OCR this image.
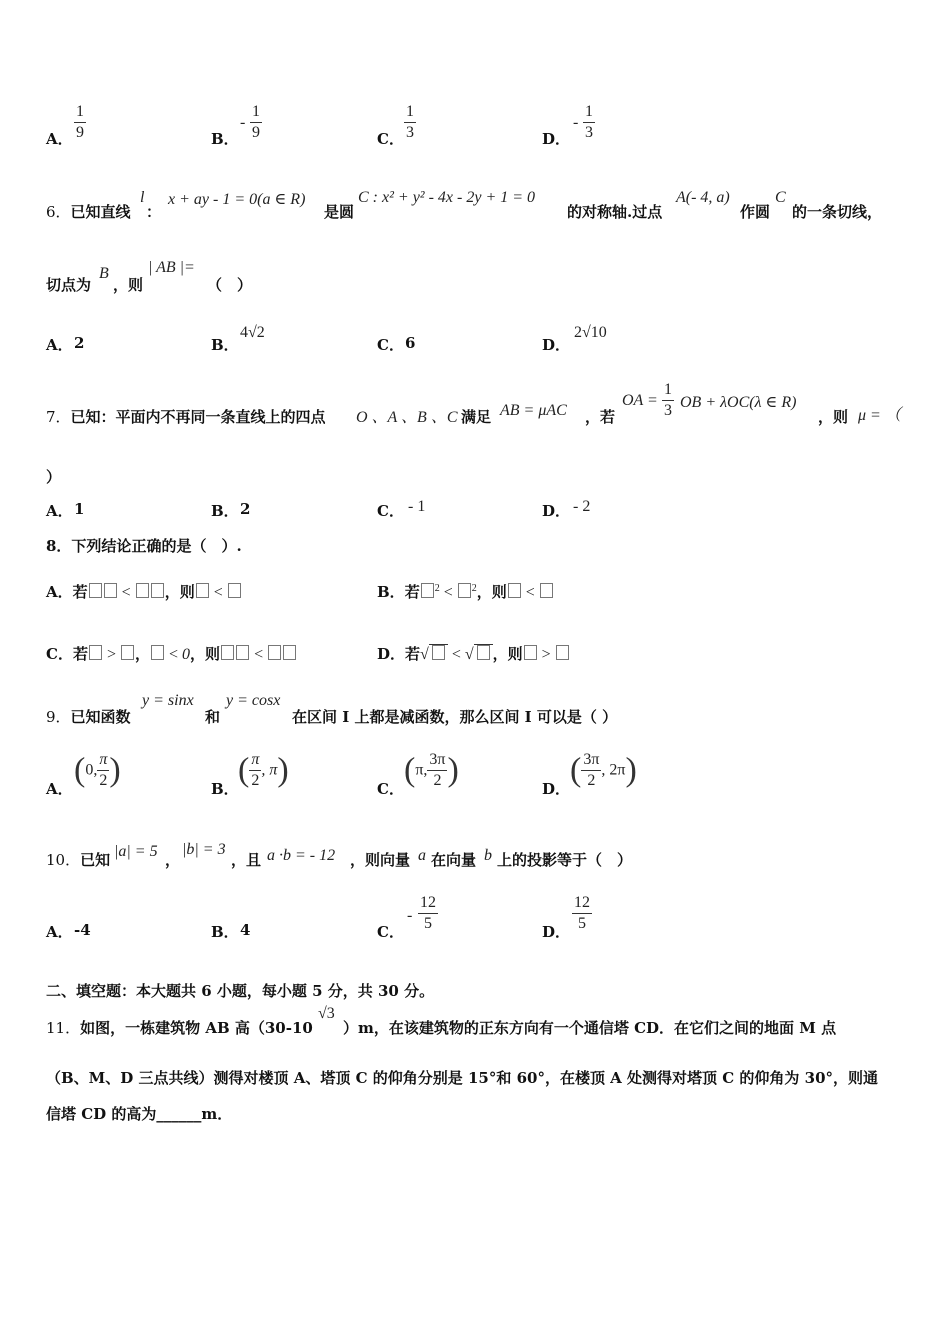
A． $\frac{1}{9}$	B．
- $\frac{1}{9}$	C． $\frac{1}{3}$	D．
- $\frac{1}{3}$
6．已知直线
l
：
x + ay - 1 = 0(a ∈ R)
是圆
C : x² + y² - 4x - 2y + 1 = 0
的对称轴.过点
A(- 4, a)
作圆
C
的一条切线，
切点为
B
，则
| AB |=
（　）
A． 2	B．
4√2
C． 6	D．
2√10
7．已知：平面内不再同一条直线上的四点 O 、A 、B 、C 满足 AB = μAC ，若
OA = $\frac{1}{3}$ OB + λOC(λ ∈ R)
，则 μ = （
）
A． 1	B． 2	C． - 1	D． - 2
8．下列结论正确的是（　）.
A．若 < ，则 <	B．若 $^2$ < $^2$，则 <
C．若 > ， < 0，则 <	D．若√ < √ ，则 >
9．已知函数
y = sinx
和
y = cosx
在区间 I 上都是减函数，那么区间 I 可以是（ ）
A．
(0, $\frac{\pi}{2}$ )
B．
( $\frac{\pi}{2}$ , π)
C．
(π, $\frac{3\pi}{2}$ )
D．
( $\frac{3\pi}{2}$ , 2π)
10．已知 |a| = 5 ，
|b| = 3
，且 a ·b = - 12 ，则向量 a 在向量 b 上的投影等于（　）
A． -4	B． 4	C．
- $\frac{12}{5}$	D． $\frac{12}{5}$
二、填空题：本大题共 6 小题，每小题 5 分，共 30 分。
11．如图，一栋建筑物 AB 高（30-10
√3
）m，在该建筑物的正东方向有一个通信塔 CD．在它们之间的地面 M 点
（B、M、D 三点共线）测得对楼顶 A、塔顶 C 的仰角分别是 15°和 60°，在楼顶 A 处测得对塔顶 C 的仰角为 30°，则通
信塔 CD 的高为______m．
